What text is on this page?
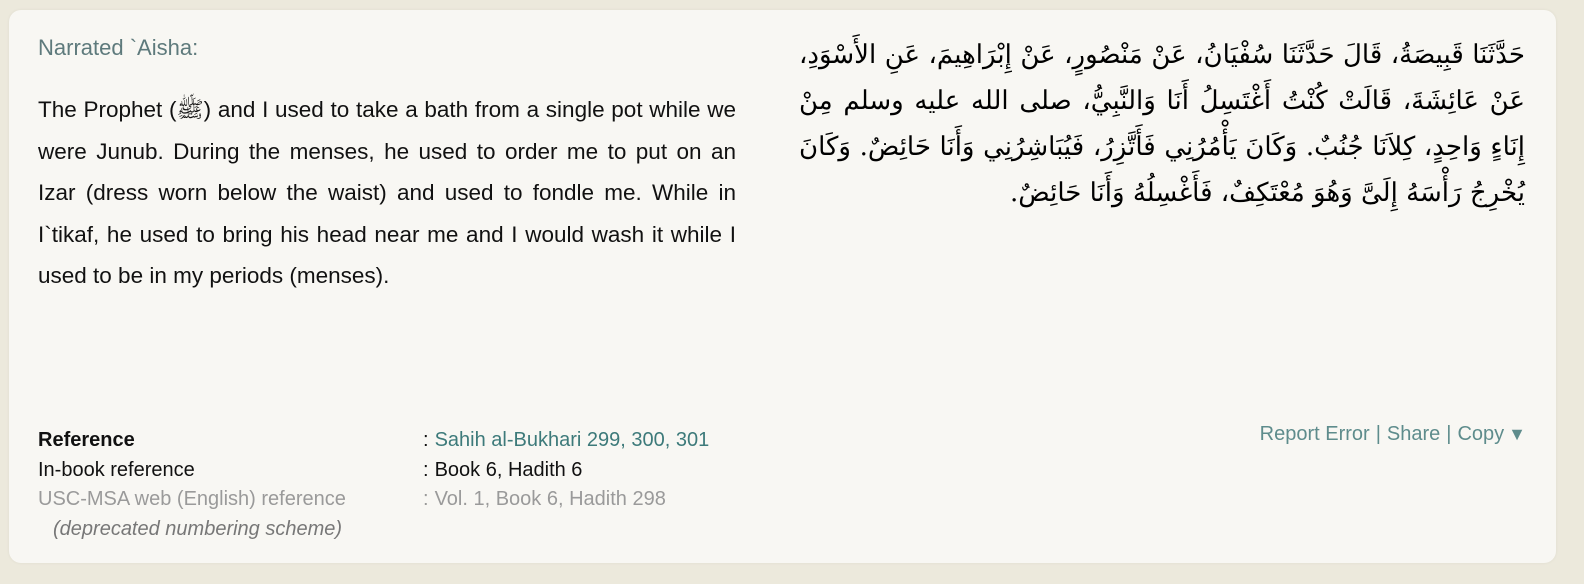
Narrated `Aisha:
The Prophet (ﷺ) and I used to take a bath from a single pot while we were Junub. During the menses, he used to order me to put on an Izar (dress worn below the waist) and used to fondle me. While in I`tikaf, he used to bring his head near me and I would wash it while I used to be in my periods (menses).
حَدَّثَنَا قَبِيصَةُ، قَالَ حَدَّثَنَا سُفْيَانُ، عَنْ مَنْصُورٍ، عَنْ إِبْرَاهِيمَ، عَنِ الأَسْوَدِ، عَنْ عَائِشَةَ، قَالَتْ كُنْتُ أَغْتَسِلُ أَنَا وَالنَّبِيُّ، صلى الله عليه وسلم مِنْ إِنَاءٍ وَاحِدٍ، كِلاَنَا جُنُبٌ‏.‏ وَكَانَ يَأْمُرُنِي فَأَتَّزِرُ، فَيُبَاشِرُنِي وَأَنَا حَائِضٌ‏.‏ وَكَانَ يُخْرِجُ رَأْسَهُ إِلَىَّ وَهُوَ مُعْتَكِفٌ، فَأَغْسِلُهُ وَأَنَا حَائِضٌ‏.‏
Reference	: Sahih al-Bukhari 299, 300, 301
In-book reference	: Book 6, Hadith 6
USC-MSA web (English) reference	: Vol. 1, Book 6, Hadith 298
(deprecated numbering scheme)
Report Error | Share | Copy ▼
